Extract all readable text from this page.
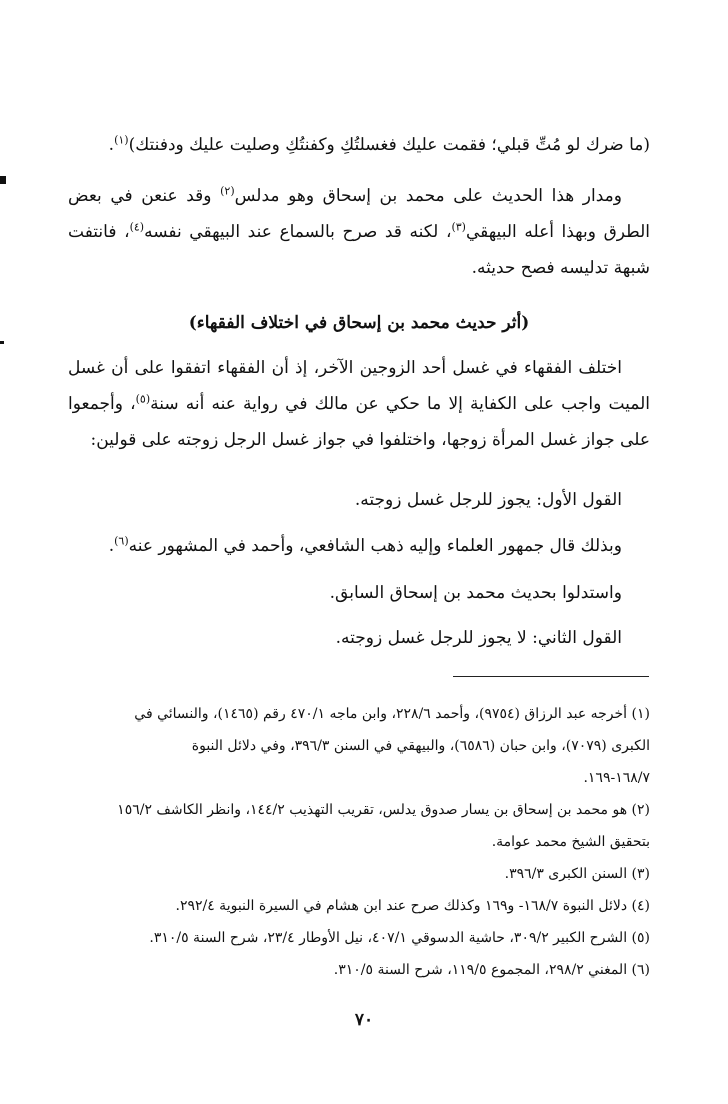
(ما ضرك لو مُتِّ قبلي؛ فقمت عليك فغسلتُكِ وكفنتُكِ وصليت عليك ودفنتك)$^{(١)}$.

ومدار هذا الحديث على محمد بن إسحاق وهو مدلس$^{(٢)}$ وقد عنعن في بعض الطرق وبهذا أعله البيهقي$^{(٣)}$، لكنه قد صرح بالسماع عند البيهقي نفسه$^{(٤)}$، فانتفت شبهة تدليسه فصح حديثه.

(أثر حديث محمد بن إسحاق في اختلاف الفقهاء)

اختلف الفقهاء في غسل أحد الزوجين الآخر، إذ أن الفقهاء اتفقوا على أن غسل الميت واجب على الكفاية إلا ما حكي عن مالك في رواية عنه أنه سنة$^{(٥)}$، وأجمعوا على جواز غسل المرأة زوجها، واختلفوا في جواز غسل الرجل زوجته على قولين:

القول الأول: يجوز للرجل غسل زوجته.

وبذلك قال جمهور العلماء وإليه ذهب الشافعي، وأحمد في المشهور عنه$^{(٦)}$.

واستدلوا بحديث محمد بن إسحاق السابق.

القول الثاني: لا يجوز للرجل غسل زوجته.

(١) أخرجه عبد الرزاق (٩٧٥٤)، وأحمد ٢٢٨/٦، وابن ماجه ٤٧٠/١ رقم (١٤٦٥)، والنسائي في

الكبرى (٧٠٧٩)، وابن حبان (٦٥٨٦)، والبيهقي في السنن ٣٩٦/٣، وفي دلائل النبوة

١٦٨/٧-١٦٩.

(٢) هو محمد بن إسحاق بن يسار صدوق يدلس، تقريب التهذيب ١٤٤/٢، وانظر الكاشف ١٥٦/٢

بتحقيق الشيخ محمد عوامة.

(٣) السنن الكبرى ٣٩٦/٣.

(٤) دلائل النبوة ١٦٨/٧- و١٦٩ وكذلك صرح عند ابن هشام في السيرة النبوية ٢٩٢/٤.

(٥) الشرح الكبير ٣٠٩/٢، حاشية الدسوقي ٤٠٧/١، نيل الأوطار ٢٣/٤، شرح السنة ٣١٠/٥.

(٦) المغني ٢٩٨/٢، المجموع ١١٩/٥، شرح السنة ٣١٠/٥.

٧٠
